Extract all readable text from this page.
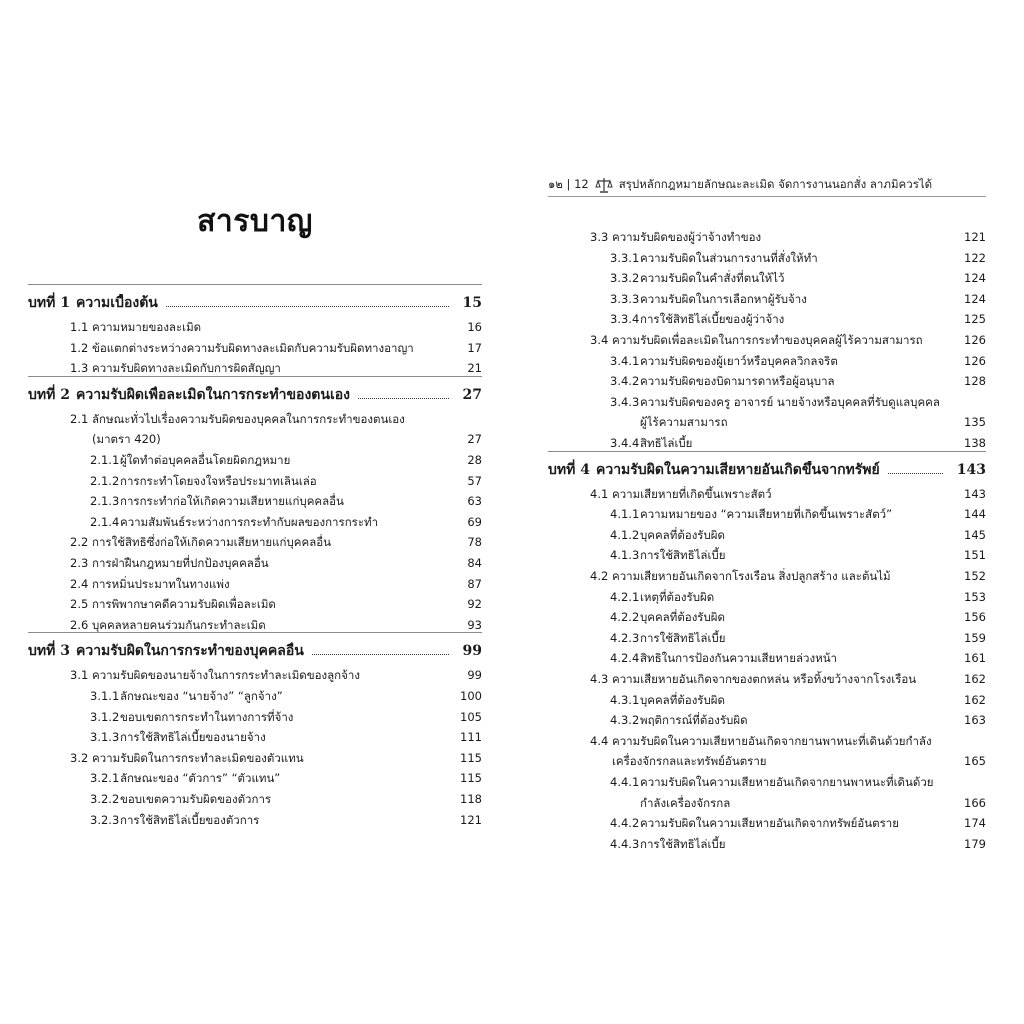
สารบาญ
บทที่ 1 ความเบื้องต้น	15
1.1 ความหมายของละเมิด	16
1.2 ข้อแตกต่างระหว่างความรับผิดทางละเมิดกับความรับผิดทางอาญา	17
1.3 ความรับผิดทางละเมิดกับการผิดสัญญา	21
บทที่ 2 ความรับผิดเพื่อละเมิดในการกระทำของตนเอง	27
2.1 ลักษณะทั่วไปเรื่องความรับผิดของบุคคลในการกระทำของตนเอง
(มาตรา 420)	27
2.1.1 ผู้ใดทำต่อบุคคลอื่นโดยผิดกฎหมาย	28
2.1.2 การกระทำโดยจงใจหรือประมาทเลินเล่อ	57
2.1.3 การกระทำก่อให้เกิดความเสียหายแก่บุคคลอื่น	63
2.1.4 ความสัมพันธ์ระหว่างการกระทำกับผลของการกระทำ	69
2.2 การใช้สิทธิซึ่งก่อให้เกิดความเสียหายแก่บุคคลอื่น	78
2.3 การฝ่าฝืนกฎหมายที่ปกป้องบุคคลอื่น	84
2.4 การหมิ่นประมาทในทางแพ่ง	87
2.5 การพิพากษาคดีความรับผิดเพื่อละเมิด	92
2.6 บุคคลหลายคนร่วมกันกระทำละเมิด	93
บทที่ 3 ความรับผิดในการกระทำของบุคคลอื่น	99
3.1 ความรับผิดของนายจ้างในการกระทำละเมิดของลูกจ้าง	99
3.1.1 ลักษณะของ “นายจ้าง” “ลูกจ้าง”	100
3.1.2 ขอบเขตการกระทำในทางการที่จ้าง	105
3.1.3 การใช้สิทธิไล่เบี้ยของนายจ้าง	111
3.2 ความรับผิดในการกระทำละเมิดของตัวแทน	115
3.2.1 ลักษณะของ “ตัวการ” “ตัวแทน”	115
3.2.2 ขอบเขตความรับผิดของตัวการ	118
3.2.3 การใช้สิทธิไล่เบี้ยของตัวการ	121
๑๒ | 12	สรุปหลักกฎหมายลักษณะละเมิด จัดการงานนอกสั่ง ลาภมิควรได้
3.3 ความรับผิดของผู้ว่าจ้างทำของ	121
3.3.1 ความรับผิดในส่วนการงานที่สั่งให้ทำ	122
3.3.2 ความรับผิดในคำสั่งที่ตนให้ไว้	124
3.3.3 ความรับผิดในการเลือกหาผู้รับจ้าง	124
3.3.4 การใช้สิทธิไล่เบี้ยของผู้ว่าจ้าง	125
3.4 ความรับผิดเพื่อละเมิดในการกระทำของบุคคลผู้ไร้ความสามารถ	126
3.4.1 ความรับผิดของผู้เยาว์หรือบุคคลวิกลจริต	126
3.4.2 ความรับผิดของบิดามารดาหรือผู้อนุบาล	128
3.4.3 ความรับผิดของครู อาจารย์ นายจ้างหรือบุคคลที่รับดูแลบุคคล
ผู้ไร้ความสามารถ	135
3.4.4 สิทธิไล่เบี้ย	138
บทที่ 4 ความรับผิดในความเสียหายอันเกิดขึ้นจากทรัพย์	143
4.1 ความเสียหายที่เกิดขึ้นเพราะสัตว์	143
4.1.1 ความหมายของ “ความเสียหายที่เกิดขึ้นเพราะสัตว์”	144
4.1.2 บุคคลที่ต้องรับผิด	145
4.1.3 การใช้สิทธิไล่เบี้ย	151
4.2 ความเสียหายอันเกิดจากโรงเรือน สิ่งปลูกสร้าง และต้นไม้	152
4.2.1 เหตุที่ต้องรับผิด	153
4.2.2 บุคคลที่ต้องรับผิด	156
4.2.3 การใช้สิทธิไล่เบี้ย	159
4.2.4 สิทธิในการป้องกันความเสียหายล่วงหน้า	161
4.3 ความเสียหายอันเกิดจากของตกหล่น หรือทิ้งขว้างจากโรงเรือน	162
4.3.1 บุคคลที่ต้องรับผิด	162
4.3.2 พฤติการณ์ที่ต้องรับผิด	163
4.4 ความรับผิดในความเสียหายอันเกิดจากยานพาหนะที่เดินด้วยกำลัง
เครื่องจักรกลและทรัพย์อันตราย	165
4.4.1 ความรับผิดในความเสียหายอันเกิดจากยานพาหนะที่เดินด้วย
กำลังเครื่องจักรกล	166
4.4.2 ความรับผิดในความเสียหายอันเกิดจากทรัพย์อันตราย	174
4.4.3 การใช้สิทธิไล่เบี้ย	179
